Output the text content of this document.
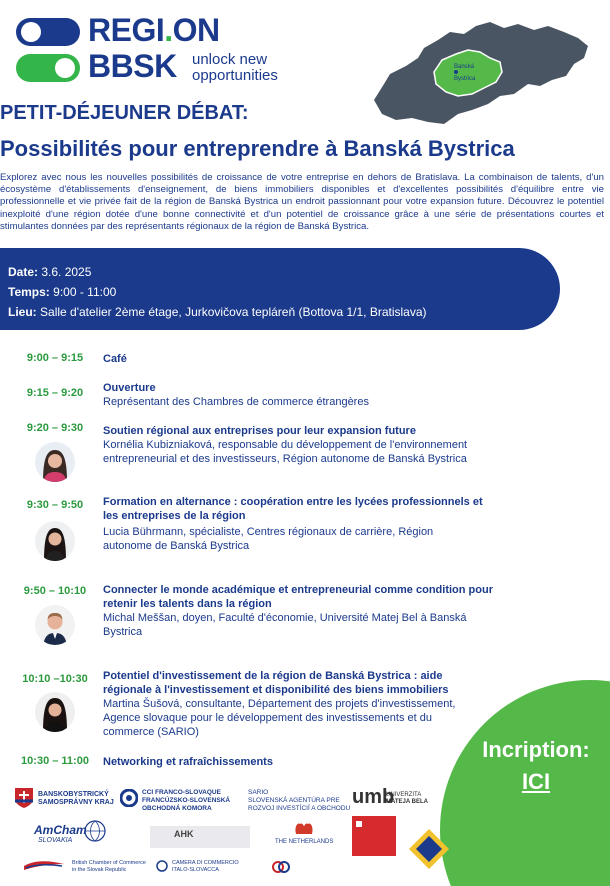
REGI.ON
BBSK unlock new
opportunities	Banská
Bystrica
PETIT-DÉJEUNER DÉBAT:
Possibilités pour entreprendre à Banská Bystrica
Explorez avec nous les nouvelles possibilités de croissance de votre entreprise en dehors de Bratislava. La combinaison de talents, d'un écosystème d'établissements d'enseignement, de biens immobiliers disponibles et d'excellentes possibilités d'équilibre entre vie professionnelle et vie privée fait de la région de Banská Bystrica un endroit passionnant pour votre expansion future. Découvrez le potentiel inexploité d'une région dotée d'une bonne connectivité et d'un potentiel de croissance grâce à une série de présentations courtes et stimulantes données par des représentants régionaux de la région de Banská Bystrica.
Date: 3.6. 2025
Temps: 9:00 - 11:00
Lieu: Salle d'atelier 2ème étage, Jurkovičova tepláreň (Bottova 1/1, Bratislava)
9:00 – 9:15	Café
9:15 – 9:20	Ouverture
Représentant des Chambres de commerce étrangères
9:20 – 9:30	Soutien régional aux entreprises pour leur expansion future
Kornélia Kubizniaková, responsable du développement de l'environnement entrepreneurial et des investisseurs, Région autonome de Banská Bystrica
9:30 – 9:50	Formation en alternance : coopération entre les lycées professionnels et les entreprises de la région
Lucia Bührmann, spécialiste, Centres régionaux de carrière, Région autonome de Banská Bystrica
9:50 – 10:10	Connecter le monde académique et entrepreneurial comme condition pour retenir les talents dans la région
Michal Meššan, doyen, Faculté d'économie, Université Matej Bel à Banská Bystrica
10:10 –10:30	Potentiel d'investissement de la région de Banská Bystrica : aide régionale à l'investissement et disponibilité des biens immobiliers
Martina Šušová, consultante, Département des projets d'investissement, Agence slovaque pour le développement des investissements et du commerce (SARIO)
10:30 – 11:00 Networking et rafraîchissements	Incription:
ICI
BANSKOBYSTRICKÝ
SAMOSPRÁVNY KRAJ
CCI FRANCO-SLOVAQUE
FRANCÚZSKO-SLOVENSKÁ
OBCHODNÁ KOMORA
SARIO
SLOVENSKÁ AGENTÚRA PRE
ROZVOJ INVESTÍCIÍ A OBCHODU
umb
UNIVERZITA
MATEJA BELA
AmCham
SLOVAKIA
AHK
THE NETHERLANDS
British Chamber of Commerce
in the Slovak Republic
CAMERA DI COMMERCIO
ITALO-SLOVACCA
